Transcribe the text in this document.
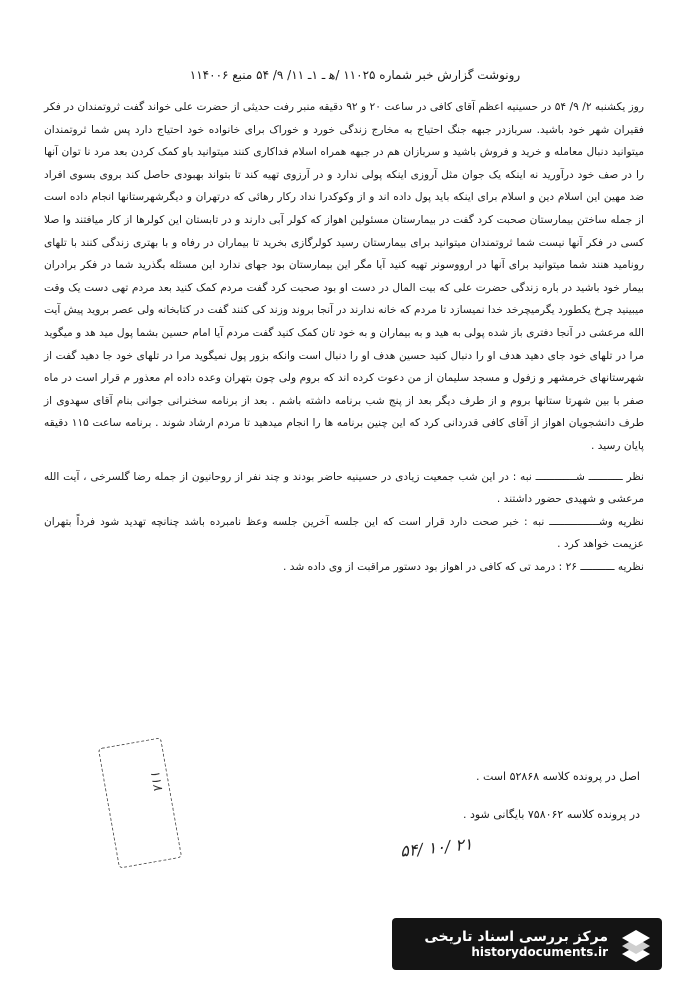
رونوشت گزارش خبر شماره ۱۱۰۲۵ /ﻫ ـ ۱ـ ۱۱/ ۹/ ۵۴ منبع ۱۱۴۰۰۶

روز یکشنبه ۲/ ۹/ ۵۴ در حسینیه اعظم آقای کافی در ساعت ۲۰ و ۹۲ دقیقه منبر رفت حدیثی از حضرت علی خواند گفت ثروتمندان در فکر فقیران شهر خود باشید. سربازدر جبهه جنگ احتیاج به مخارج زندگی خورد و خوراک برای خانواده خود احتیاج دارد پس شما ثروتمندان میتوانید دنبال معامله و خرید و فروش باشید و سربازان هم در جبهه همراه اسلام فداکاری کنند میتوانید باو کمک کردن بعد مرد نا توان آنها را در صف خود درآورید نه اینکه یک جوان مثل آروزی اینکه پولی ندارد و در آرزوی تهیه کند تا بتواند بهبودی حاصل کند بروی بسوی افراد ضد مهین این اسلام دین و اسلام برای اینکه باید پول داده اند و از وکوکدرا نداد رکار رهائی که درتهران و دیگرشهرستانها انجام داده است از جمله ساختن بیمارستان صحبت کرد گفت در بیمارستان مسئولین اهواز که کولر آبی دارند و در تابستان این کولرها از کار میافتند وا صلا کسی در فکر آنها نیست شما ثروتمندان میتوانید برای بیمارستان رسید کولرگازی بخرید تا بیماران در رفاه و با بهتری زندگی کنند با تلهای رونامید هنند شما میتوانید برای آنها در ارووسونر تهیه کنید آیا مگر این بیمارستان بود جهای ندارد این مسئله بگذرید شما در فکر برادران بیمار خود باشید در باره زندگی حضرت علی که بیت المال در دست او بود صحبت کرد گفت مردم کمک کنید بعد مردم تهی دست یک وقت میبینید چرخ یکطورد یگرمیچرخد خدا نمیسازد تا مردم که خانه ندارند در آنجا بروند وزند کی کنند گفت در کتابخانه ولی عصر بروید پیش آیت الله مرعشی در آنجا دفتری باز شده پولی به هید و به بیماران و به خود تان کمک کنید گفت مردم آیا امام حسین بشما پول مید هد و میگوید مرا در تلهای خود جای دهید هدف او را دنبال کنید حسین هدف او را دنبال است وانکه بزور پول نمیگوید مرا در تلهای خود جا دهید گفت از شهرستانهای خرمشهر و زفول و مسجد سلیمان از من دعوت کرده اند که بروم ولی چون بتهران وعده داده ام معذور م قرار است در ماه صفر با بین شهرتا ستانها بروم و از طرف دیگر بعد از پنج شب برنامه داشته باشم . بعد از برنامه سخنرانی جوانی بنام آقای سهدوی از طرف دانشجویان اهواز از آقای کافی قدردانی کرد که این چنین برنامه ها را انجام میدهید تا مردم ارشاد شوند . برنامه ساعت ۱۱۵ دقیقه پایان رسید .

نظر ـــــــــــ شـــــــــــــ نبه : در این شب جمعیت زیادی در حسینیه حاضر بودند و چند نفر از روحانیون از جمله رضا گلسرخی ، آیت الله مرعشی و شهیدی حضور داشتند .

نظریه وشــــــــــــــــ نبه : خبر صحت دارد قرار است که این جلسه آخرین جلسه وعظ نامبرده باشد چنانچه تهدید شود فرداً بتهران عزیمت خواهد کرد .

نظریه ـــــــــــ ۲۶ : درمد تی که کافی در اهواز بود دستور مراقبت از وی داده شد .

اصل در پرونده کلاسه ۵۲۸۶۸ است .
در پرونده کلاسه ۷۵۸۰۶۲ بایگانی شود .
۵۴/ ۱۰/ ۲۱
۱۱۸
مرکز بررسی اسناد تاریخی
historydocuments.ir
